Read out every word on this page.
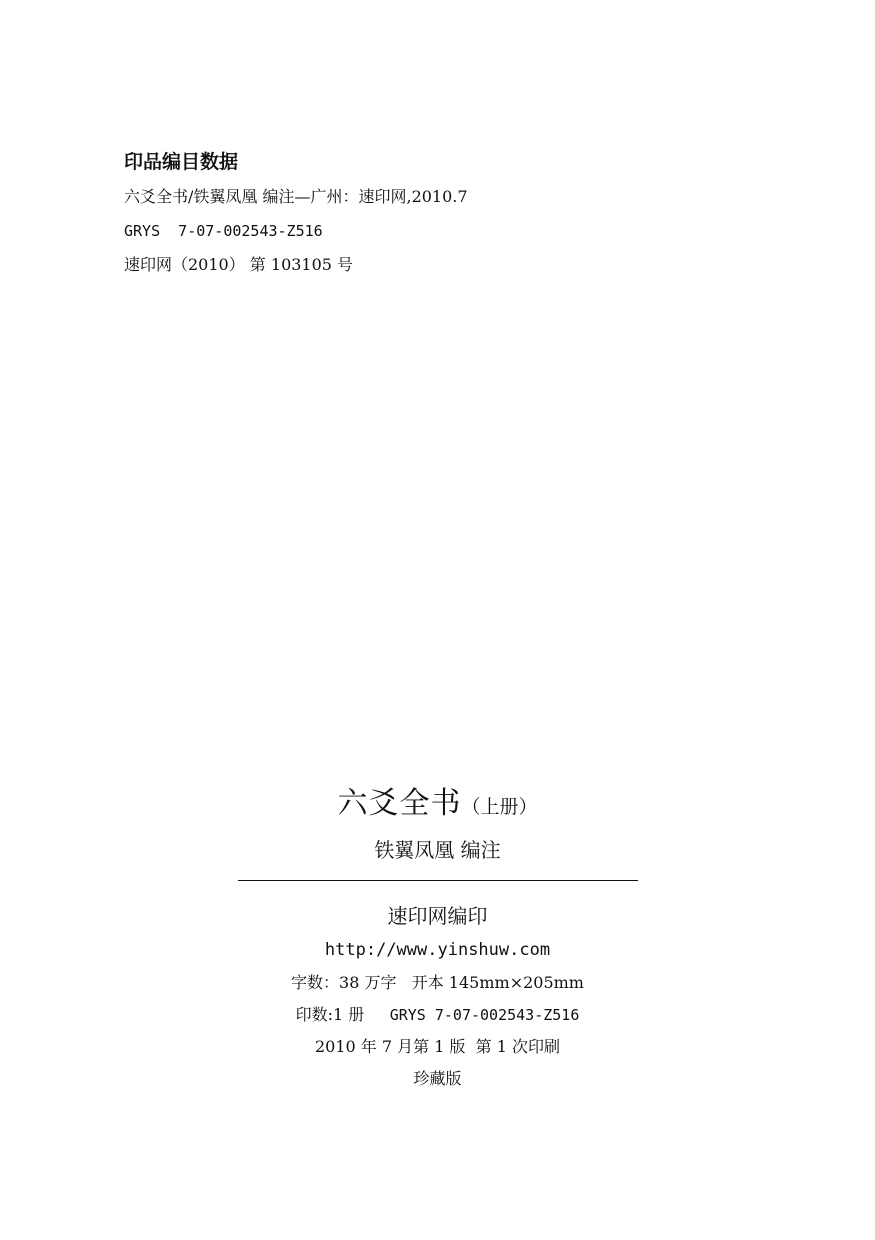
印品编目数据
六爻全书/铁翼凤凰 编注—广州：速印网,2010.7
GRYS  7-07-002543-Z516
速印网（2010） 第 103105 号
六爻全书（上册）
铁翼凤凰 编注
速印网编印
http://www.yinshuw.com
字数：38 万字   开本 145mm×205mm
印数:1 册     GRYS 7-07-002543-Z516
2010 年 7 月第 1 版  第 1 次印刷
珍藏版
